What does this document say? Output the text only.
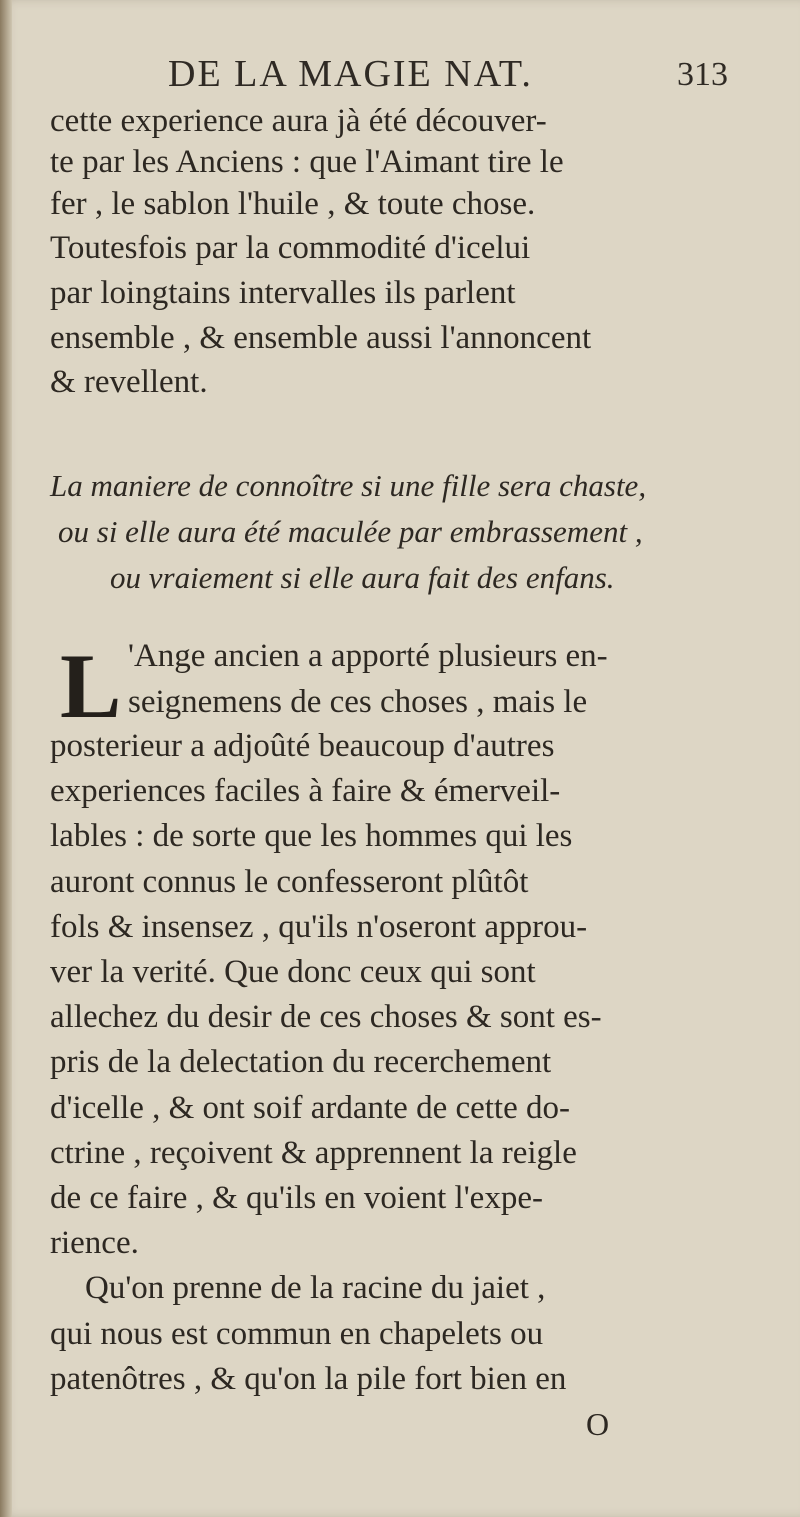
DE LA MAGIE NAT.	313
cette experience aura jà été découver-
te par les Anciens : que l'Aimant tire le
fer , le sablon l'huile , & toute chose.
Toutesfois par la commodité d'icelui
par loingtains intervalles ils parlent
ensemble , & ensemble aussi l'annoncent
& revellent.
La maniere de connoître si une fille sera chaste,
ou si elle aura été maculée par embrassement ,
ou vraiement si elle aura fait des enfans.
L 'Ange ancien a apporté plusieurs en-
seignemens de ces choses , mais le
posterieur a adjoûté beaucoup d'autres
experiences faciles à faire & émerveil-
lables : de sorte que les hommes qui les
auront connus le confesseront plûtôt
fols & insensez , qu'ils n'oseront approu-
ver la verité. Que donc ceux qui sont
allechez du desir de ces choses & sont es-
pris de la delectation du recerchement
d'icelle , & ont soif ardante de cette do-
ctrine , reçoivent & apprennent la reigle
de ce faire , & qu'ils en voient l'expe-
rience.
Qu'on prenne de la racine du jaiet ,
qui nous est commun en chapelets ou
patenôtres , & qu'on la pile fort bien en
O
